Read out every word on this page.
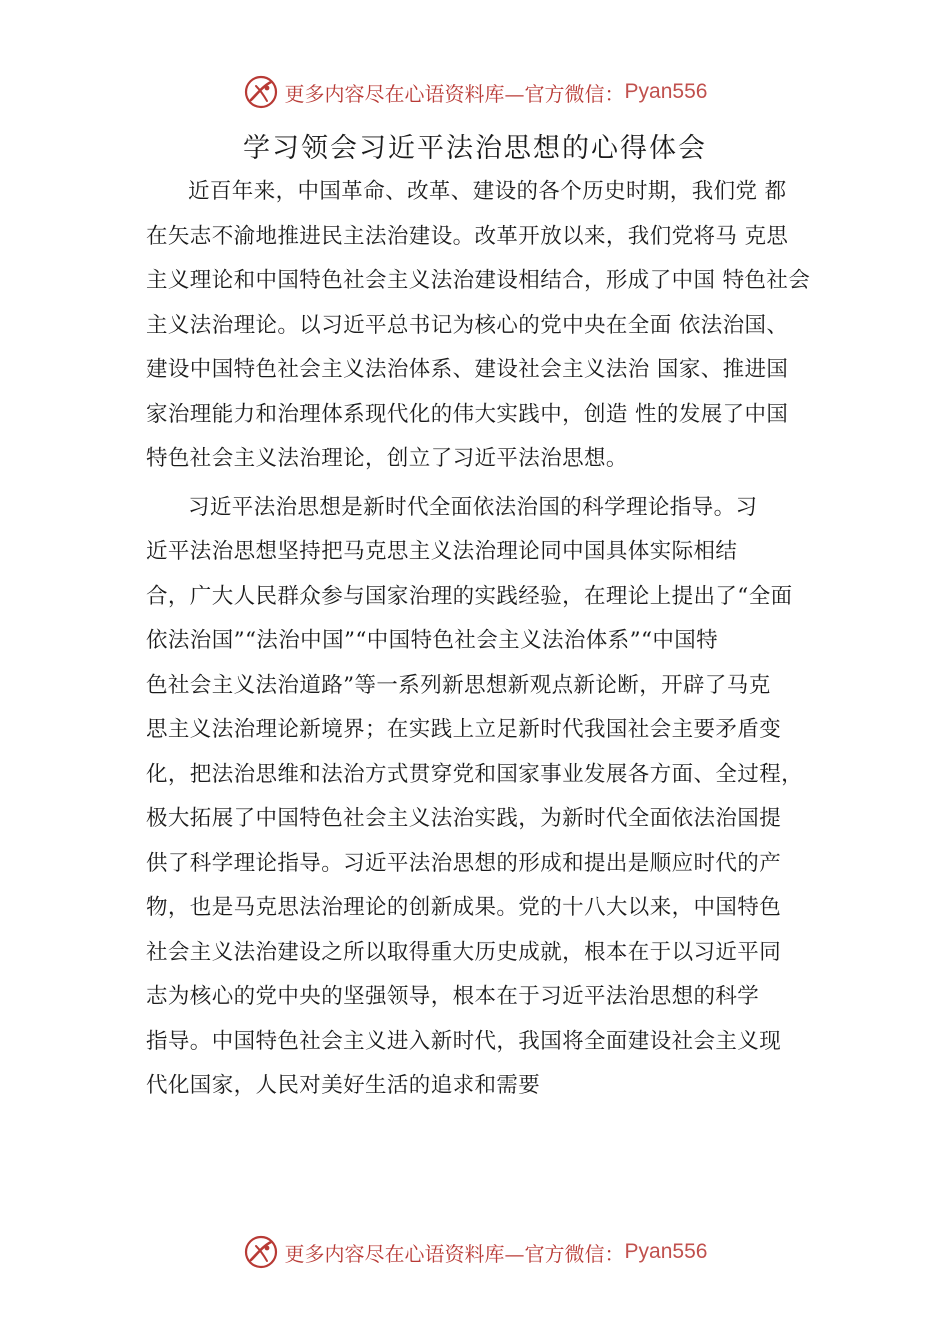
更多内容尽在心语资料库—官方微信： Pyan556
学习领会习近平法治思想的心得体会
近百年来，中国革命、改革、建设的各个历史时期，我们党 都
在矢志不渝地推进民主法治建设。改革开放以来，我们党将马 克思
主义理论和中国特色社会主义法治建设相结合，形成了中国 特色社会
主义法治理论。以习近平总书记为核心的党中央在全面 依法治国、
建设中国特色社会主义法治体系、建设社会主义法治 国家、推进国
家治理能力和治理体系现代化的伟大实践中，创造 性的发展了中国
特色社会主义法治理论，创立了习近平法治思想。
习近平法治思想是新时代全面依法治国的科学理论指导。习
近平法治思想坚持把马克思主义法治理论同中国具体实际相结
合，广大人民群众参与国家治理的实践经验，在理论上提出了“全面
依法治国”“法治中国”“中国特色社会主义法治体系”“中国特
色社会主义法治道路”等一系列新思想新观点新论断，开辟了马克
思主义法治理论新境界；在实践上立足新时代我国社会主要矛盾变
化，把法治思维和法治方式贯穿党和国家事业发展各方面、全过程，
极大拓展了中国特色社会主义法治实践，为新时代全面依法治国提
供了科学理论指导。习近平法治思想的形成和提出是顺应时代的产
物，也是马克思法治理论的创新成果。党的十八大以来，中国特色
社会主义法治建设之所以取得重大历史成就，根本在于以习近平同
志为核心的党中央的坚强领导，根本在于习近平法治思想的科学
指导。中国特色社会主义进入新时代，我国将全面建设社会主义现
代化国家，人民对美好生活的追求和需要
更多内容尽在心语资料库—官方微信： Pyan556
